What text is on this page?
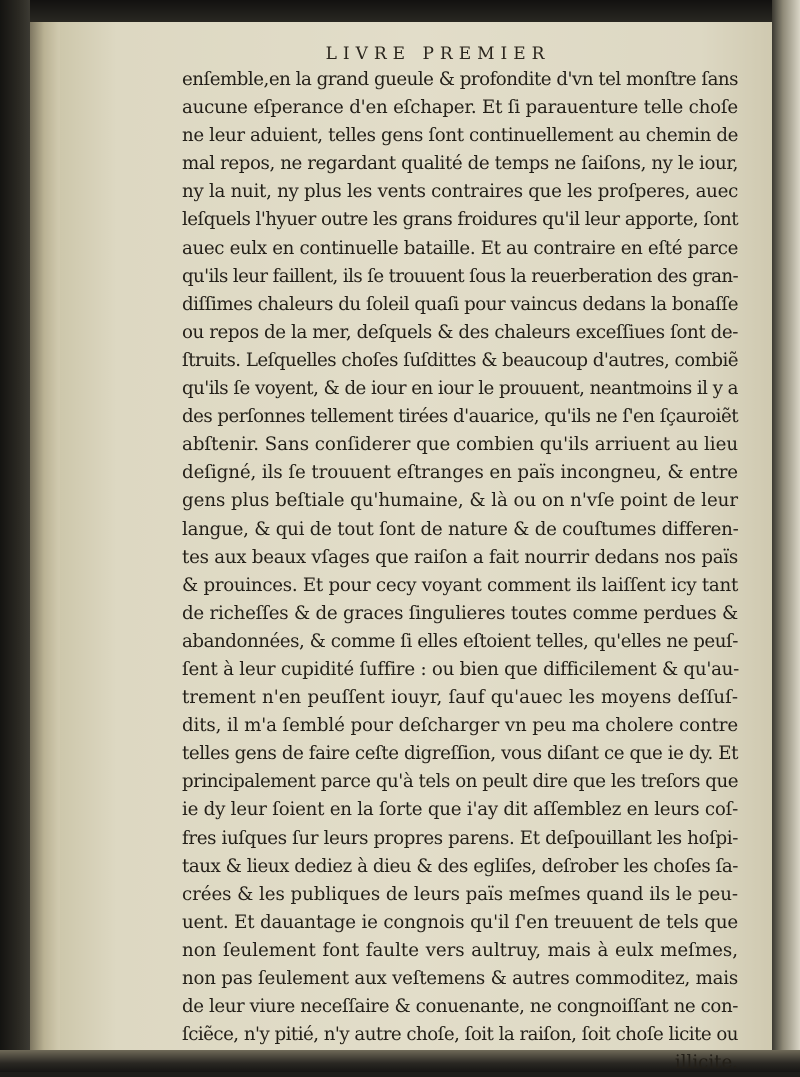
LIVRE PREMIER
enſemble,en la grand gueule & profondite d'vn tel monſtre ſans
aucune eſperance d'en eſchaper. Et ſi parauenture telle choſe
ne leur aduient, telles gens ſont continuellement au chemin de
mal repos, ne regardant qualité de temps ne ſaiſons, ny le iour,
ny la nuit, ny plus les vents contraires que les proſperes, auec
leſquels l'hyuer outre les grans froidures qu'il leur apporte, ſont
auec eulx en continuelle bataille. Et au contraire en eſté parce
qu'ils leur faillent, ils ſe trouuent ſous la reuerberation des gran-
diſſimes chaleurs du ſoleil quaſi pour vaincus dedans la bonaſſe
ou repos de la mer, deſquels & des chaleurs exceſſiues ſont de-
ſtruits. Leſquelles choſes ſuſdittes & beaucoup d'autres, combiẽ
qu'ils ſe voyent, & de iour en iour le prouuent, neantmoins il y a
des perſonnes tellement tirées d'auarice, qu'ils ne ſ'en ſçauroiẽt
abſtenir. Sans conſiderer que combien qu'ils arriuent au lieu
deſigné, ils ſe trouuent eſtranges en païs incongneu, & entre
gens plus beſtiale qu'humaine, & là ou on n'vſe point de leur
langue, & qui de tout ſont de nature & de couſtumes differen-
tes aux beaux vſages que raiſon a fait nourrir dedans nos païs
& prouinces. Et pour cecy voyant comment ils laiſſent icy tant
de richeſſes & de graces ſingulieres toutes comme perdues &
abandonnées, & comme ſi elles eſtoient telles, qu'elles ne peuſ-
ſent à leur cupidité ſuffire : ou bien que difficilement & qu'au-
trement n'en peuſſent iouyr, ſauf qu'auec les moyens deſſuſ-
dits, il m'a ſemblé pour deſcharger vn peu ma cholere contre
telles gens de faire ceſte digreſſion, vous diſant ce que ie dy. Et
principalement parce qu'à tels on peult dire que les treſors que
ie dy leur ſoient en la ſorte que i'ay dit aſſemblez en leurs coſ-
fres iuſques ſur leurs propres parens. Et deſpouillant les hoſpi-
taux & lieux dediez à dieu & des egliſes, deſrober les choſes ſa-
crées & les publiques de leurs païs meſmes quand ils le peu-
uent. Et dauantage ie congnois qu'il ſ'en treuuent de tels que
non ſeulement font faulte vers aultruy, mais à eulx meſmes,
non pas ſeulement aux veſtemens & autres commoditez, mais
de leur viure neceſſaire & conuenante, ne congnoiſſant ne con-
ſciẽce, n'y pitié, n'y autre choſe, ſoit la raiſon, ſoit choſe licite ou
illicite.
